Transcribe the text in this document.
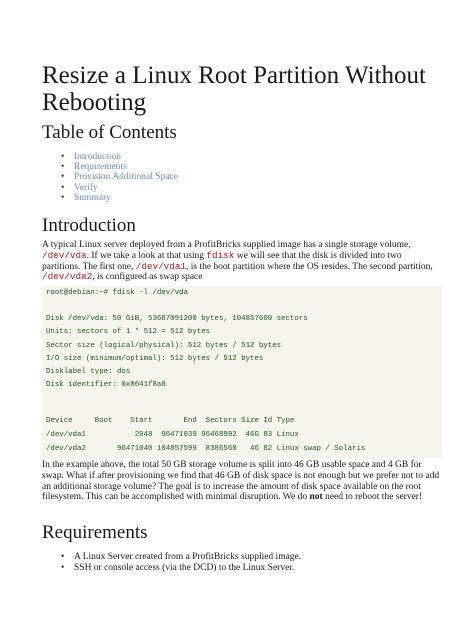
Resize a Linux Root Partition Without Rebooting
Table of Contents
• Introduction
• Requirements
• Provision Additional Space
• Verify
• Summary
Introduction

A typical Linux server deployed from a ProfitBricks supplied image has a single storage volume, /dev/vda. If we take a look at that using fdisk we will see that the disk is divided into two partitions. The first one, /dev/vda1, is the boot partition where the OS resides. The second partition, /dev/vda2, is configured as swap space

root@debian:~# fdisk -l /dev/vda
Disk /dev/vda: 50 GiB, 53687091200 bytes, 104857600 sectors
Units: sectors of 1 * 512 = 512 bytes
Sector size (logical/physical): 512 bytes / 512 bytes
I/O size (minimum/optimal): 512 bytes / 512 bytes
Disklabel type: dos
Disk identifier: 0x0041f8a8
Device     Boot    Start       End  Sectors Size Id Type
/dev/vda1           2048  96471039 96468992  46G 83 Linux
/dev/vda2       96471040 104857599  8386560   4G 82 Linux swap / Solaris

In the example above, the total 50 GB storage volume is split into 46 GB usable space and 4 GB for swap. What if after provisioning we find that 46 GB of disk space is not enough but we prefer not to add an additional storage volume? The goal is to increase the amount of disk space available on the root filesystem. This can be accomplished with minimal disruption. We do not need to reboot the server!

Requirements
• A Linux Server created from a ProfitBricks supplied image.
• SSH or console access (via the DCD) to the Linux Server.
